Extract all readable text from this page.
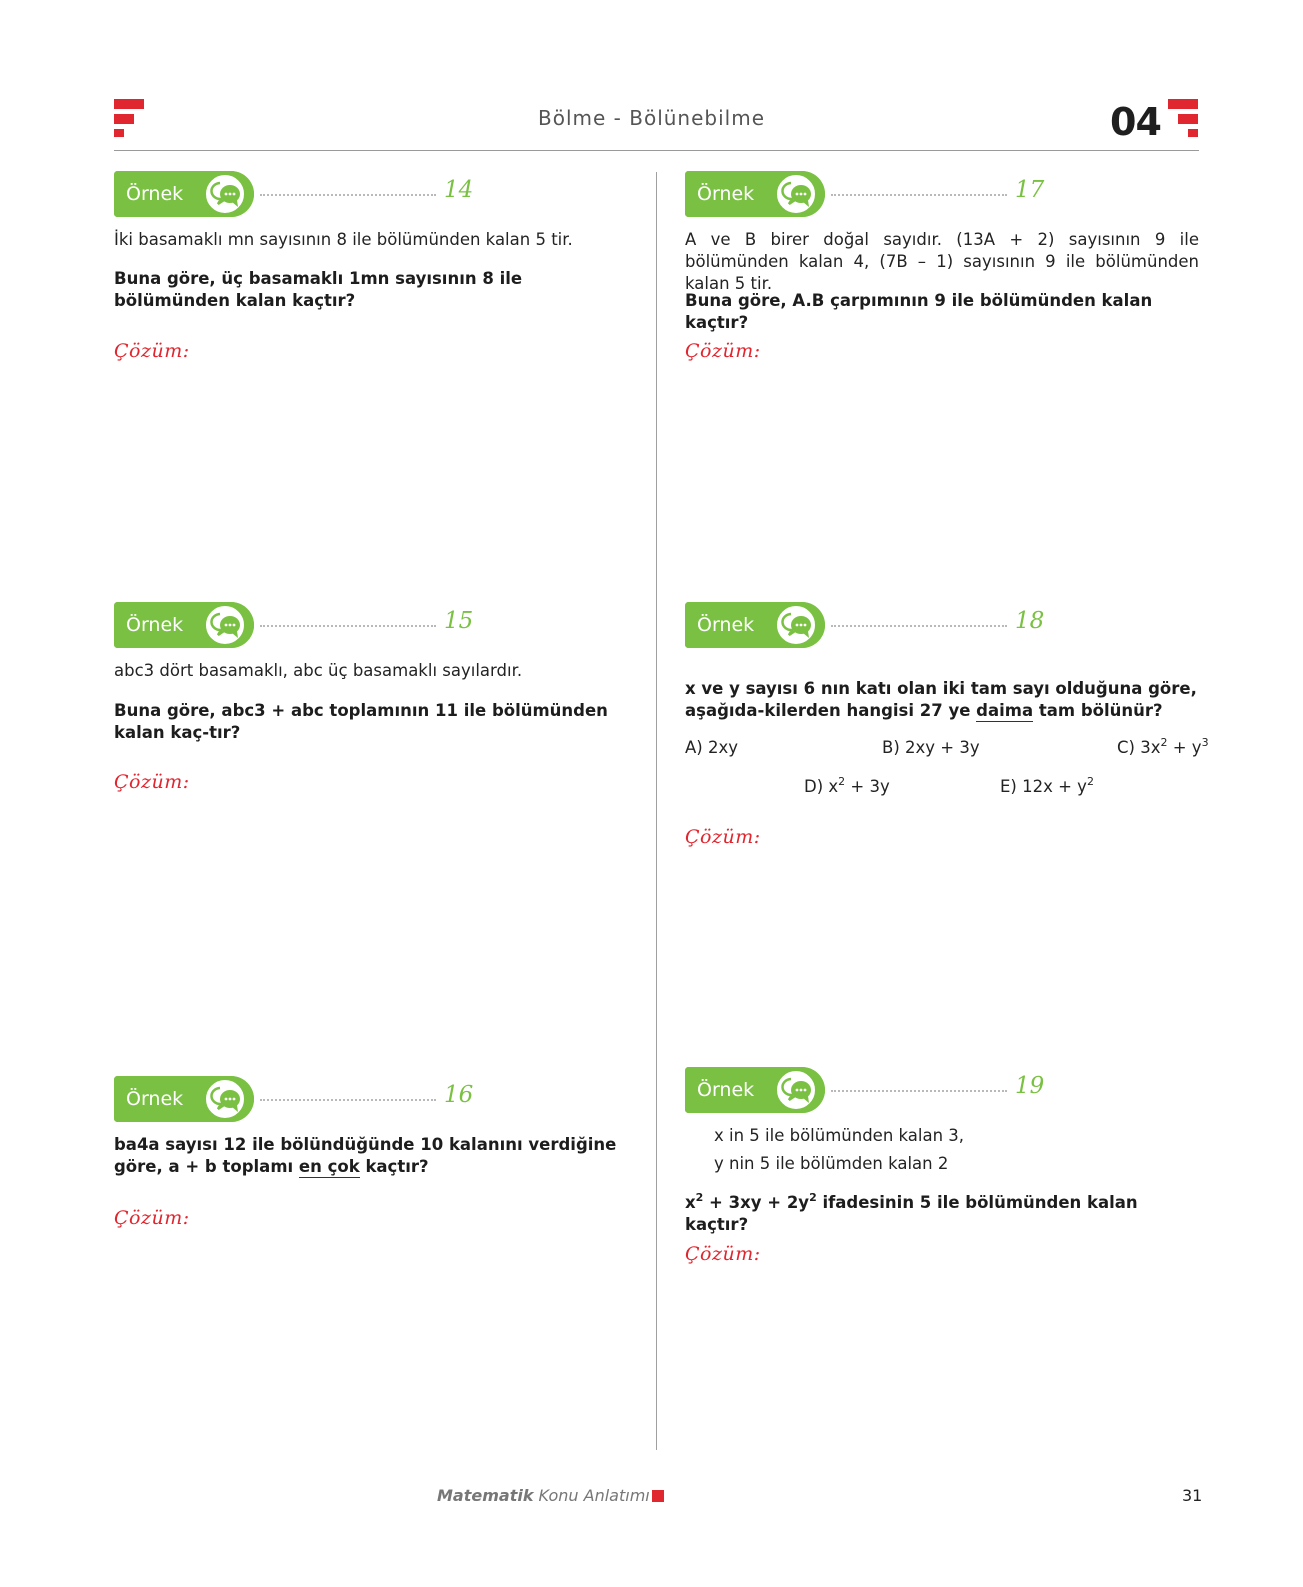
Bölme - Bölünebilme	04
Örnek	14
İki basamaklı mn sayısının 8 ile bölümünden kalan 5 tir.
Buna göre, üç basamaklı 1mn sayısının 8 ile bölümünden kalan kaçtır?
Çözüm:
Örnek	15
abc3 dört basamaklı, abc üç basamaklı sayılardır.
Buna göre, abc3 + abc toplamının 11 ile bölümünden kalan kaç-tır?
Çözüm:
Örnek	16
ba4a sayısı 12 ile bölündüğünde 10 kalanını verdiğine göre, a + b toplamı en çok kaçtır?
Çözüm:
Örnek	17
A ve B birer doğal sayıdır. (13A + 2) sayısının 9 ile bölümünden kalan 4, (7B – 1) sayısının 9 ile bölümünden kalan 5 tir.
Buna göre, A.B çarpımının 9 ile bölümünden kalan kaçtır?
Çözüm:
Örnek	18
x ve y sayısı 6 nın katı olan iki tam sayı olduğuna göre, aşağıda-kilerden hangisi 27 ye daima tam bölünür?
A) 2xy	B) 2xy + 3y	C) $3x^2 + y^3$
D) $x^2 + 3y$	E) $12x + y^2$
Çözüm:
Örnek	19
x in 5 ile bölümünden kalan 3,
y nin 5 ile bölümden kalan 2
$x^2 + 3xy + 2y^2$ ifadesinin 5 ile bölümünden kalan kaçtır?
Çözüm:
Matematik Konu Anlatımı	31
